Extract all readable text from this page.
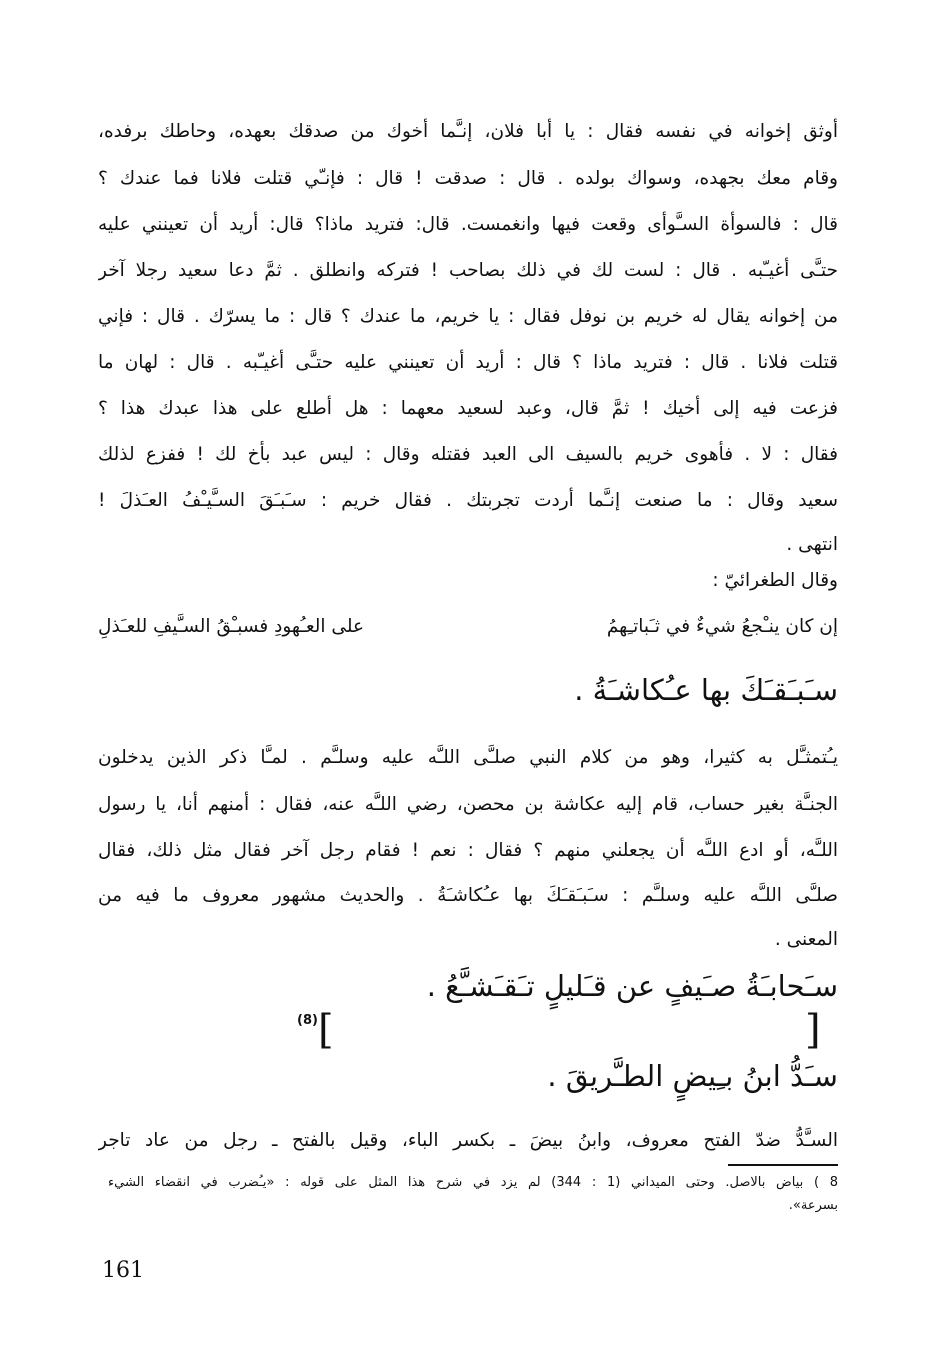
أوثق إخوانه في نفسه فقال : يا أبا فلان، إنـَّما أخوك من صدقك بعهده، وحاطك برفده،
وقام معك بجهده، وسواك بولده . قال : صدقت ! قال : فإنـّي قتلت فلانا فما عندك ؟
قال : فالسوأة السـَّوأى وقعت فيها وانغمست. قال: فتريد ماذا؟ قال: أريد أن تعينني عليه
حتـَّى أغيـّبه . قال : لست لك في ذلك بصاحب ! فتركه وانطلق . ثمَّ دعا سعيد رجلا آخر
من إخوانه يقال له خريم بن نوفل فقال : يا خريم، ما عندك ؟ قال : ما يسرّك . قال : فإني
قتلت فلانا . قال : فتريد ماذا ؟ قال : أريد أن تعينني عليه حتـَّى أغيـّبه . قال : لهان ما
فزعت فيه إلى أخيك ! ثمَّ قال، وعبد لسعيد معهما : هل أطلع على هذا عبدك هذا ؟
فقال : لا . فأهوى خريم بالسيف الى العبد فقتله وقال : ليس عبد بأخ لك ! ففزع لذلك
سعيد وقال : ما صنعت إنـَّما أردت تجربتك . فقال خريم : سـَبـَقَ السـَّيـْفُ العـَذلَ !
انتهى .
وقال الطغرائيّ :
إن كان ينـْجعُ شيءٌ في ثـَباتـِهمُ
على العـُهودِ فسبـْقُ السـَّيفِ للعـَذلِ
سـَبـَقـَكَ بها عـُكاشـَةُ .
يـُتمثـَّل به كثيرا، وهو من كلام النبي صلـَّى اللـَّه عليه وسلـَّم . لمـَّا ذكر الذين يدخلون
الجنـَّة بغير حساب، قام إليه عكاشة بن محصن، رضي اللـَّه عنه، فقال : أمنهم أنا، يا رسول
اللـَّه، أو ادع اللـَّه أن يجعلني منهم ؟ فقال : نعم ! فقام رجل آخر فقال مثل ذلك، فقال
صلـَّى اللـَّه عليه وسلـَّم : سـَبـَقـَكَ بها عـُكاشـَةُ . والحديث مشهور معروف ما فيه من
المعنى .
سـَحابـَةُ صـَيفٍ عن قـَليلٍ تـَقـَشـَّعُ .
]
[
(8)
سـَدُّ ابنُ بـِيضٍ الطـَّريقَ .
السـَّدُّ ضدّ الفتح معروف، وابنُ بيضَ ـ بكسر الباء، وقيل بالفتح ـ رجل من عاد تاجر
8 ) بياض بالاصل. وحتى الميداني (1 : 344) لم يزد في شرح هذا المثل على قوله : «يـُضرب في انقضاء الشيء
بسرعة».
161
